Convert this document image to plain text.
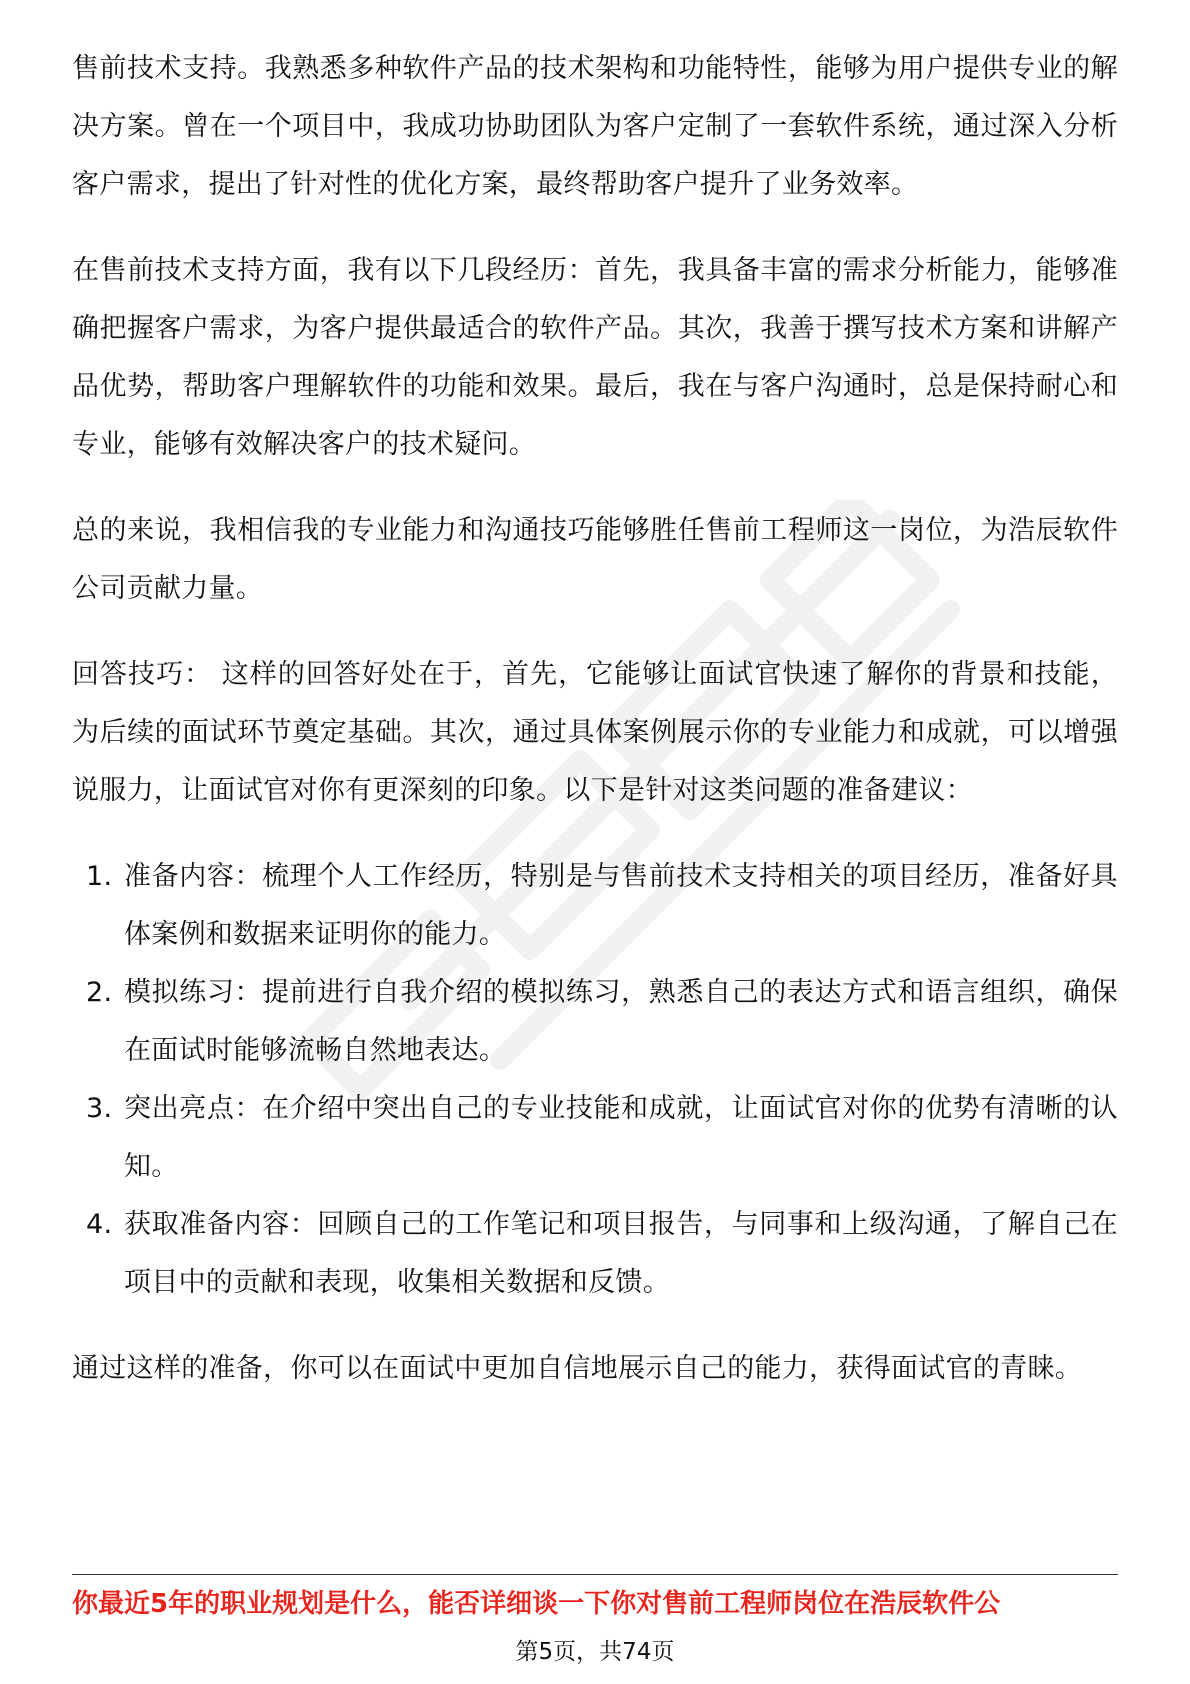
售前技术支持。我熟悉多种软件产品的技术架构和功能特性，能够为用户提供专业的解决方案。曾在一个项目中，我成功协助团队为客户定制了一套软件系统，通过深入分析客户需求，提出了针对性的优化方案，最终帮助客户提升了业务效率。

在售前技术支持方面，我有以下几段经历：首先，我具备丰富的需求分析能力，能够准确把握客户需求，为客户提供最适合的软件产品。其次，我善于撰写技术方案和讲解产品优势，帮助客户理解软件的功能和效果。最后，我在与客户沟通时，总是保持耐心和专业，能够有效解决客户的技术疑问。

总的来说，我相信我的专业能力和沟通技巧能够胜任售前工程师这一岗位，为浩辰软件公司贡献力量。

回答技巧： 这样的回答好处在于，首先，它能够让面试官快速了解你的背景和技能，为后续的面试环节奠定基础。其次，通过具体案例展示你的专业能力和成就，可以增强说服力，让面试官对你有更深刻的印象。以下是针对这类问题的准备建议：

1. 准备内容：梳理个人工作经历，特别是与售前技术支持相关的项目经历，准备好具体案例和数据来证明你的能力。
2. 模拟练习：提前进行自我介绍的模拟练习，熟悉自己的表达方式和语言组织，确保在面试时能够流畅自然地表达。
3. 突出亮点：在介绍中突出自己的专业技能和成就，让面试官对你的优势有清晰的认知。
4. 获取准备内容：回顾自己的工作笔记和项目报告，与同事和上级沟通，了解自己在项目中的贡献和表现，收集相关数据和反馈。

通过这样的准备，你可以在面试中更加自信地展示自己的能力，获得面试官的青睐。

你最近5年的职业规划是什么，能否详细谈一下你对售前工程师岗位在浩辰软件公
第5页，共74页
